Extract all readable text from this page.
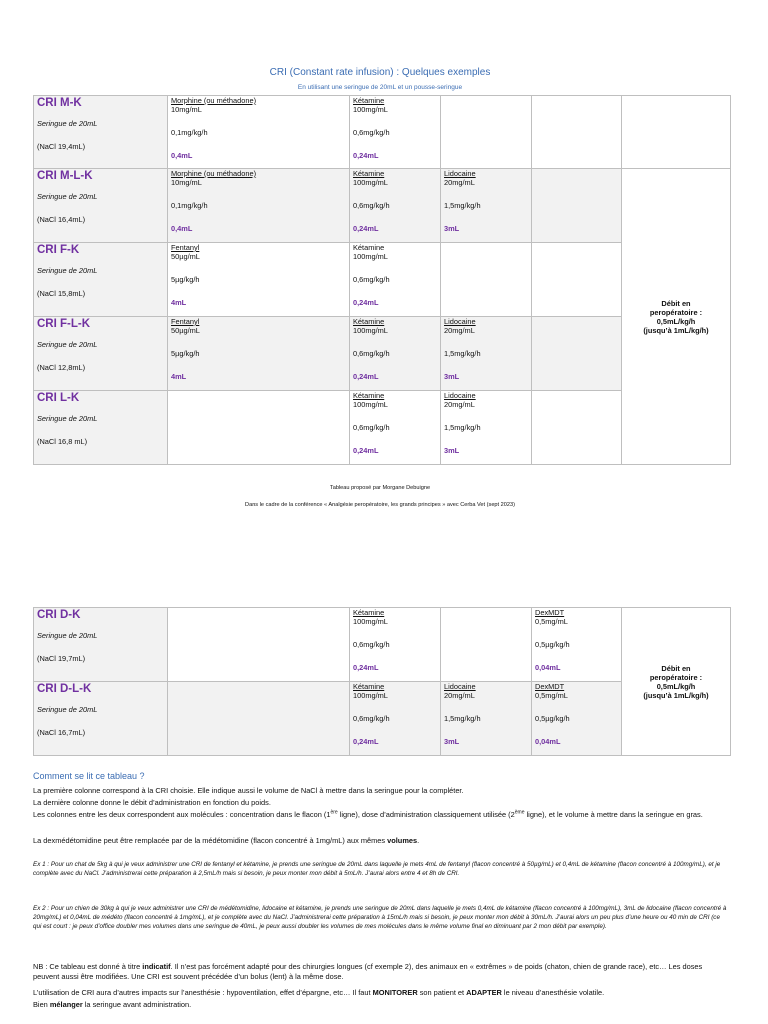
CRI (Constant rate infusion) : Quelques exemples
En utilisant une seringue de 20mL et un pousse-seringue
CRI M-K
Seringue de 20mL
(NaCl 19,4mL)	Morphine (ou méthadone)
10mg/mL
0,1mg/kg/h
0,4mL	Kétamine
100mg/mL
0,6mg/kg/h
0,24mL				

CRI M-L-K
Seringue de 20mL
(NaCl 16,4mL)	Morphine (ou méthadone)
10mg/mL
0,1mg/kg/h
0,4mL	Kétamine
100mg/mL
0,6mg/kg/h
0,24mL	Lidocaine
20mg/mL
1,5mg/kg/h
3mL		Débit en
peropératoire :
0,5mL/kg/h
(jusqu’à 1mL/kg/h)	

CRI F-K
Seringue de 20mL
(NaCl 15,8mL)	Fentanyl
50µg/mL
5µg/kg/h
4mL	Kétamine
100mg/mL
0,6mg/kg/h
0,24mL				

CRI F-L-K
Seringue de 20mL
(NaCl 12,8mL)	Fentanyl
50µg/mL
5µg/kg/h
4mL	Kétamine
100mg/mL
0,6mg/kg/h
0,24mL	Lidocaine
20mg/mL
1,5mg/kg/h
3mL			

CRI L-K
Seringue de 20mL
(NaCl 16,8 mL)		Kétamine
100mg/mL
0,6mg/kg/h
0,24mL	Lidocaine
20mg/mL
1,5mg/kg/h
3mL			

Tableau proposé par Morgane Debuigne
Dans le cadre de la conférence « Analgésie peropératoire, les grands principes » avec Cerba Vet (sept 2023)
CRI D-K
Seringue de 20mL
(NaCl 19,7mL)		Kétamine
100mg/mL
0,6mg/kg/h
0,24mL		DexMDT
0,5mg/mL
0,5µg/kg/h
0,04mL	Débit en
peropératoire :
0,5mL/kg/h
(jusqu’à 1mL/kg/h)

CRI D-L-K
Seringue de 20mL
(NaCl 16,7mL)		Kétamine
100mg/mL
0,6mg/kg/h
0,24mL	Lidocaine
20mg/mL
1,5mg/kg/h
3mL	DexMDT
0,5mg/mL
0,5µg/kg/h
0,04mL	
Comment se lit ce tableau ?
La première colonne correspond à la CRI choisie. Elle indique aussi le volume de NaCl à mettre dans la seringue pour la compléter.
La dernière colonne donne le débit d’administration en fonction du poids.
Les colonnes entre les deux correspondent aux molécules : concentration dans le flacon (1ère ligne), dose d’administration classiquement utilisée (2ème ligne), et le volume à mettre dans la seringue en gras.
La dexmédétomidine peut être remplacée par de la médétomidine (flacon concentré à 1mg/mL) aux mêmes volumes.
Ex 1 : Pour un chat de 5kg à qui je veux administrer une CRI de fentanyl et kétamine, je prends une seringue de 20mL dans laquelle je mets 4mL de fentanyl (flacon concentré à 50µg/mL) et 0,4mL de kétamine (flacon concentré à 100mg/mL), et je complète avec du NaCl. J’administrerai cette préparation à 2,5mL/h mais si besoin, je peux monter mon débit à 5mL/h. J’aurai alors entre 4 et 8h de CRI.
Ex 2 : Pour un chien de 30kg à qui je veux administrer une CRI de médétomidine, lidocaine et kétamine, je prends une seringue de 20mL dans laquelle je mets 0,4mL de kétamine (flacon concentré à 100mg/mL), 3mL de lidocaine (flacon concentré à 20mg/mL) et 0,04mL de médéto (flacon concentré à 1mg/mL), et je complète avec du NaCl. J’administrerai cette préparation à 15mL/h mais si besoin, je peux monter mon débit à 30mL/h. J’aurai alors un peu plus d’une heure ou 40 min de CRI (ce qui est court : je peux d’office doubler mes volumes dans une seringue de 40mL, je peux aussi doubler les volumes de mes molécules dans le même volume final en diminuant par 2 mon débit par exemple).
NB : Ce tableau est donné à titre indicatif. Il n’est pas forcément adapté pour des chirurgies longues (cf exemple 2), des animaux en « extrêmes » de poids (chaton, chien de grande race), etc… Les doses peuvent aussi être modifiées. Une CRI est souvent précédée d’un bolus (lent) à la même dose.
L’utilisation de CRI aura d’autres impacts sur l’anesthésie : hypoventilation, effet d’épargne, etc… Il faut MONITORER son patient et ADAPTER le niveau d’anesthésie volatile.
Bien mélanger la seringue avant administration.
